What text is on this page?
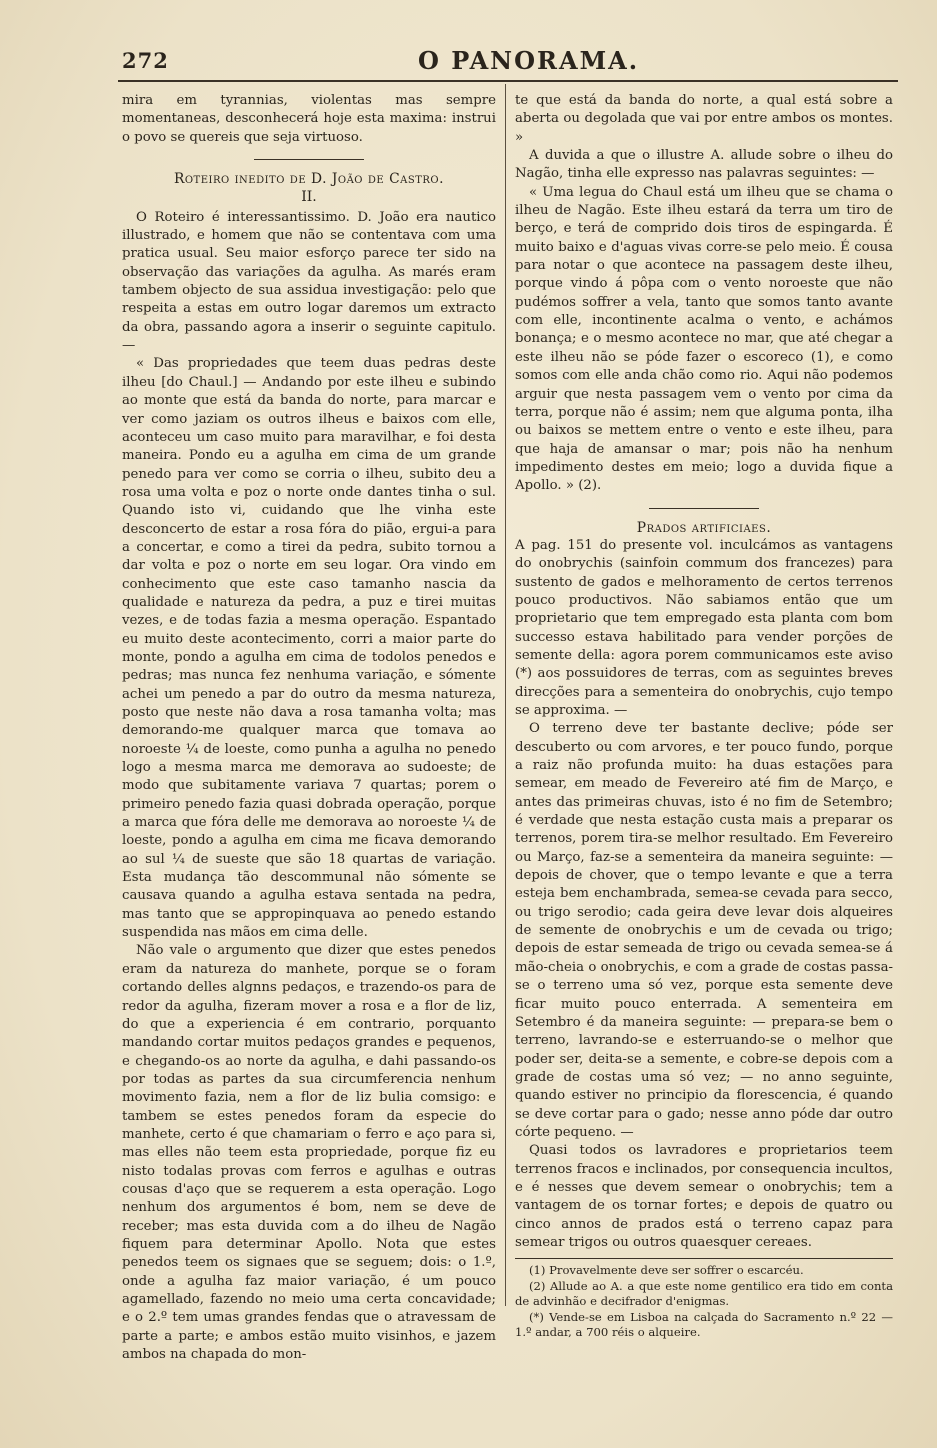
272	O PANORAMA.

mira em tyrannias, violentas mas sempre momentaneas, desconhecerá hoje esta maxima: instrui o povo se quereis que seja virtuoso.

Roteiro inedito de D. João de Castro.

II.

O Roteiro é interessantissimo. D. João era nautico illustrado, e homem que não se contentava com uma pratica usual. Seu maior esforço parece ter sido na observação das variações da agulha. As marés eram tambem objecto de sua assidua investigação: pelo que respeita a estas em outro logar daremos um extracto da obra, passando agora a inserir o seguinte capitulo. —

« Das propriedades que teem duas pedras deste ilheu [do Chaul.] — Andando por este ilheu e subindo ao monte que está da banda do norte, para marcar e ver como jaziam os outros ilheus e baixos com elle, aconteceu um caso muito para maravilhar, e foi desta maneira. Pondo eu a agulha em cima de um grande penedo para ver como se corria o ilheu, subito deu a rosa uma volta e poz o norte onde dantes tinha o sul. Quando isto vi, cuidando que lhe vinha este desconcerto de estar a rosa fóra do pião, ergui-a para a concertar, e como a tirei da pedra, subito tornou a dar volta e poz o norte em seu logar. Ora vindo em conhecimento que este caso tamanho nascia da qualidade e natureza da pedra, a puz e tirei muitas vezes, e de todas fazia a mesma operação. Espantado eu muito deste acontecimento, corri a maior parte do monte, pondo a agulha em cima de todolos penedos e pedras; mas nunca fez nenhuma variação, e sómente achei um penedo a par do outro da mesma natureza, posto que neste não dava a rosa tamanha volta; mas demorando-me qualquer marca que tomava ao noroeste ¼ de loeste, como punha a agulha no penedo logo a mesma marca me demorava ao sudoeste; de modo que subitamente variava 7 quartas; porem o primeiro penedo fazia quasi dobrada operação, porque a marca que fóra delle me demorava ao noroeste ¼ de loeste, pondo a agulha em cima me ficava demorando ao sul ¼ de sueste que são 18 quartas de variação. Esta mudança tão descommunal não sómente se causava quando a agulha estava sentada na pedra, mas tanto que se appropinquava ao penedo estando suspendida nas mãos em cima delle.

Não vale o argumento que dizer que estes penedos eram da natureza do manhete, porque se o foram cortando delles algnns pedaços, e trazendo-os para de redor da agulha, fizeram mover a rosa e a flor de liz, do que a experiencia é em contrario, porquanto mandando cortar muitos pedaços grandes e pequenos, e chegando-os ao norte da agulha, e dahi passando-os por todas as partes da sua circumferencia nenhum movimento fazia, nem a flor de liz bulia comsigo: e tambem se estes penedos foram da especie do manhete, certo é que chamariam o ferro e aço para si, mas elles não teem esta propriedade, porque fiz eu nisto todalas provas com ferros e agulhas e outras cousas d'aço que se requerem a esta operação. Logo nenhum dos argumentos é bom, nem se deve de receber; mas esta duvida com a do ilheu de Nagão fiquem para determinar Apollo. Nota que estes penedos teem os signaes que se seguem; dois: o 1.º, onde a agulha faz maior variação, é um pouco agamellado, fazendo no meio uma certa concavidade; e o 2.º tem umas grandes fendas que o atravessam de parte a parte; e ambos estão muito visinhos, e jazem ambos na chapada do mon-

te que está da banda do norte, a qual está sobre a aberta ou degolada que vai por entre ambos os montes. »

A duvida a que o illustre A. allude sobre o ilheu do Nagão, tinha elle expresso nas palavras seguintes: —

« Uma legua do Chaul está um ilheu que se chama o ilheu de Nagão. Este ilheu estará da terra um tiro de berço, e terá de comprido dois tiros de espingarda. É muito baixo e d'aguas vivas corre-se pelo meio. É cousa para notar o que acontece na passagem deste ilheu, porque vindo á pôpa com o vento noroeste que não pudémos soffrer a vela, tanto que somos tanto avante com elle, incontinente acalma o vento, e achámos bonança; e o mesmo acontece no mar, que até chegar a este ilheu não se póde fazer o escoreco (1), e como somos com elle anda chão como rio. Aqui não podemos arguir que nesta passagem vem o vento por cima da terra, porque não é assim; nem que alguma ponta, ilha ou baixos se mettem entre o vento e este ilheu, para que haja de amansar o mar; pois não ha nenhum impedimento destes em meio; logo a duvida fique a Apollo. » (2).

Prados artificiaes.

A pag. 151 do presente vol. inculcámos as vantagens do onobrychis (sainfoin commum dos francezes) para sustento de gados e melhoramento de certos terrenos pouco productivos. Não sabiamos então que um proprietario que tem empregado esta planta com bom successo estava habilitado para vender porções de semente della: agora porem communicamos este aviso (*) aos possuidores de terras, com as seguintes breves direcções para a sementeira do onobrychis, cujo tempo se approxima. —

O terreno deve ter bastante declive; póde ser descuberto ou com arvores, e ter pouco fundo, porque a raiz não profunda muito: ha duas estações para semear, em meado de Fevereiro até fim de Março, e antes das primeiras chuvas, isto é no fim de Setembro; é verdade que nesta estação custa mais a preparar os terrenos, porem tira-se melhor resultado. Em Fevereiro ou Março, faz-se a sementeira da maneira seguinte: — depois de chover, que o tempo levante e que a terra esteja bem enchambrada, semea-se cevada para secco, ou trigo serodio; cada geira deve levar dois alqueires de semente de onobrychis e um de cevada ou trigo; depois de estar semeada de trigo ou cevada semea-se á mão-cheia o onobrychis, e com a grade de costas passa-se o terreno uma só vez, porque esta semente deve ficar muito pouco enterrada. A sementeira em Setembro é da maneira seguinte: — prepara-se bem o terreno, lavrando-se e esterruando-se o melhor que poder ser, deita-se a semente, e cobre-se depois com a grade de costas uma só vez; — no anno seguinte, quando estiver no principio da florescencia, é quando se deve cortar para o gado; nesse anno póde dar outro córte pequeno. —

Quasi todos os lavradores e proprietarios teem terrenos fracos e inclinados, por consequencia incultos, e é nesses que devem semear o onobrychis; tem a vantagem de os tornar fortes; e depois de quatro ou cinco annos de prados está o terreno capaz para semear trigos ou outros quaesquer cereaes.

(1) Provavelmente deve ser soffrer o escarcéu.

(2) Allude ao A. a que este nome gentilico era tido em conta de advinhão e decifrador d'enigmas.

(*) Vende-se em Lisboa na calçada do Sacramento n.º 22 — 1.º andar, a 700 réis o alqueire.
